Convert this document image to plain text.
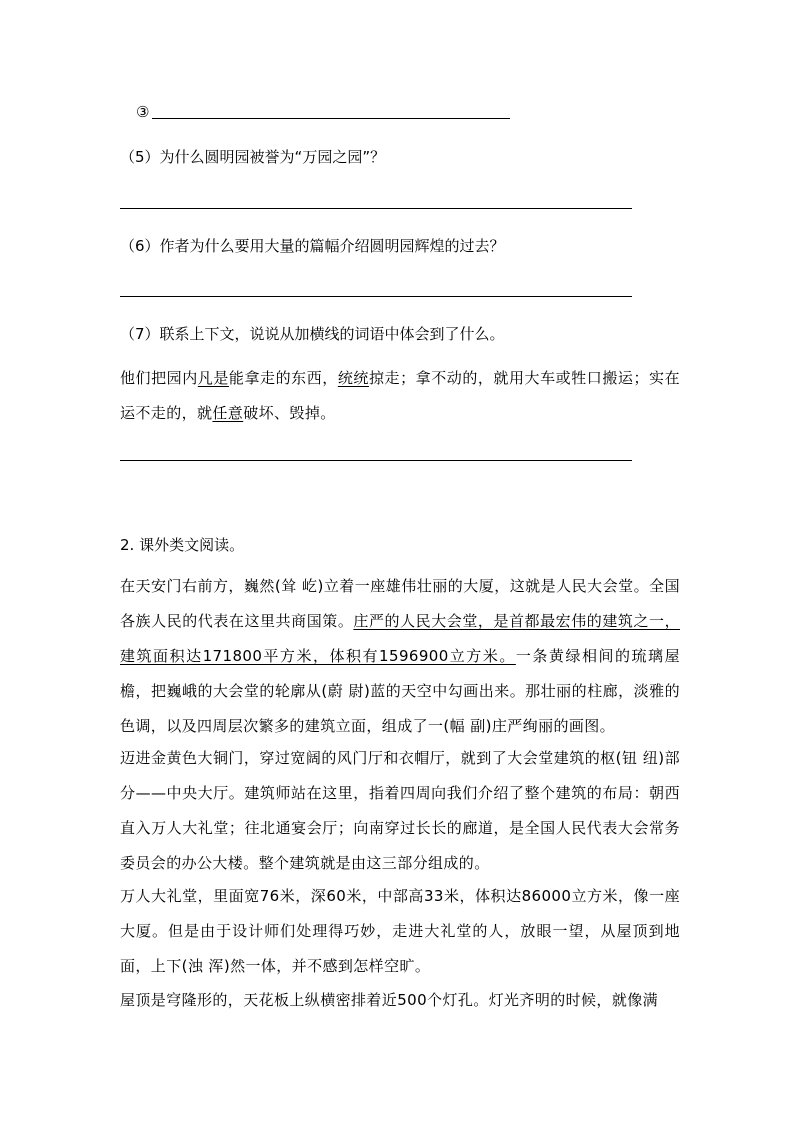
③
（5）为什么圆明园被誉为“万园之园”？
（6）作者为什么要用大量的篇幅介绍圆明园辉煌的过去？
（7）联系上下文，说说从加横线的词语中体会到了什么。
他们把园内凡是能拿走的东西，统统掠走；拿不动的，就用大车或牲口搬运；实在运不走的，就任意破坏、毁掉。
2. 课外类文阅读。
在天安门右前方，巍然(耸 屹)立着一座雄伟壮丽的大厦，这就是人民大会堂。全国各族人民的代表在这里共商国策。庄严的人民大会堂，是首都最宏伟的建筑之一，建筑面积达171800平方米，体积有1596900立方米。一条黄绿相间的琉璃屋檐，把巍峨的大会堂的轮廓从(蔚 尉)蓝的天空中勾画出来。那壮丽的柱廊，淡雅的色调，以及四周层次繁多的建筑立面，组成了一(幅 副)庄严绚丽的画图。
迈进金黄色大铜门，穿过宽阔的风门厅和衣帽厅，就到了大会堂建筑的枢(钮 纽)部分——中央大厅。建筑师站在这里，指着四周向我们介绍了整个建筑的布局：朝西直入万人大礼堂；往北通宴会厅；向南穿过长长的廊道，是全国人民代表大会常务委员会的办公大楼。整个建筑就是由这三部分组成的。
万人大礼堂，里面宽76米，深60米，中部高33米，体积达86000立方米，像一座大厦。但是由于设计师们处理得巧妙，走进大礼堂的人，放眼一望，从屋顶到地面，上下(浊 浑)然一体，并不感到怎样空旷。
屋顶是穹隆形的，天花板上纵横密排着近500个灯孔。灯光齐明的时候，就像满
